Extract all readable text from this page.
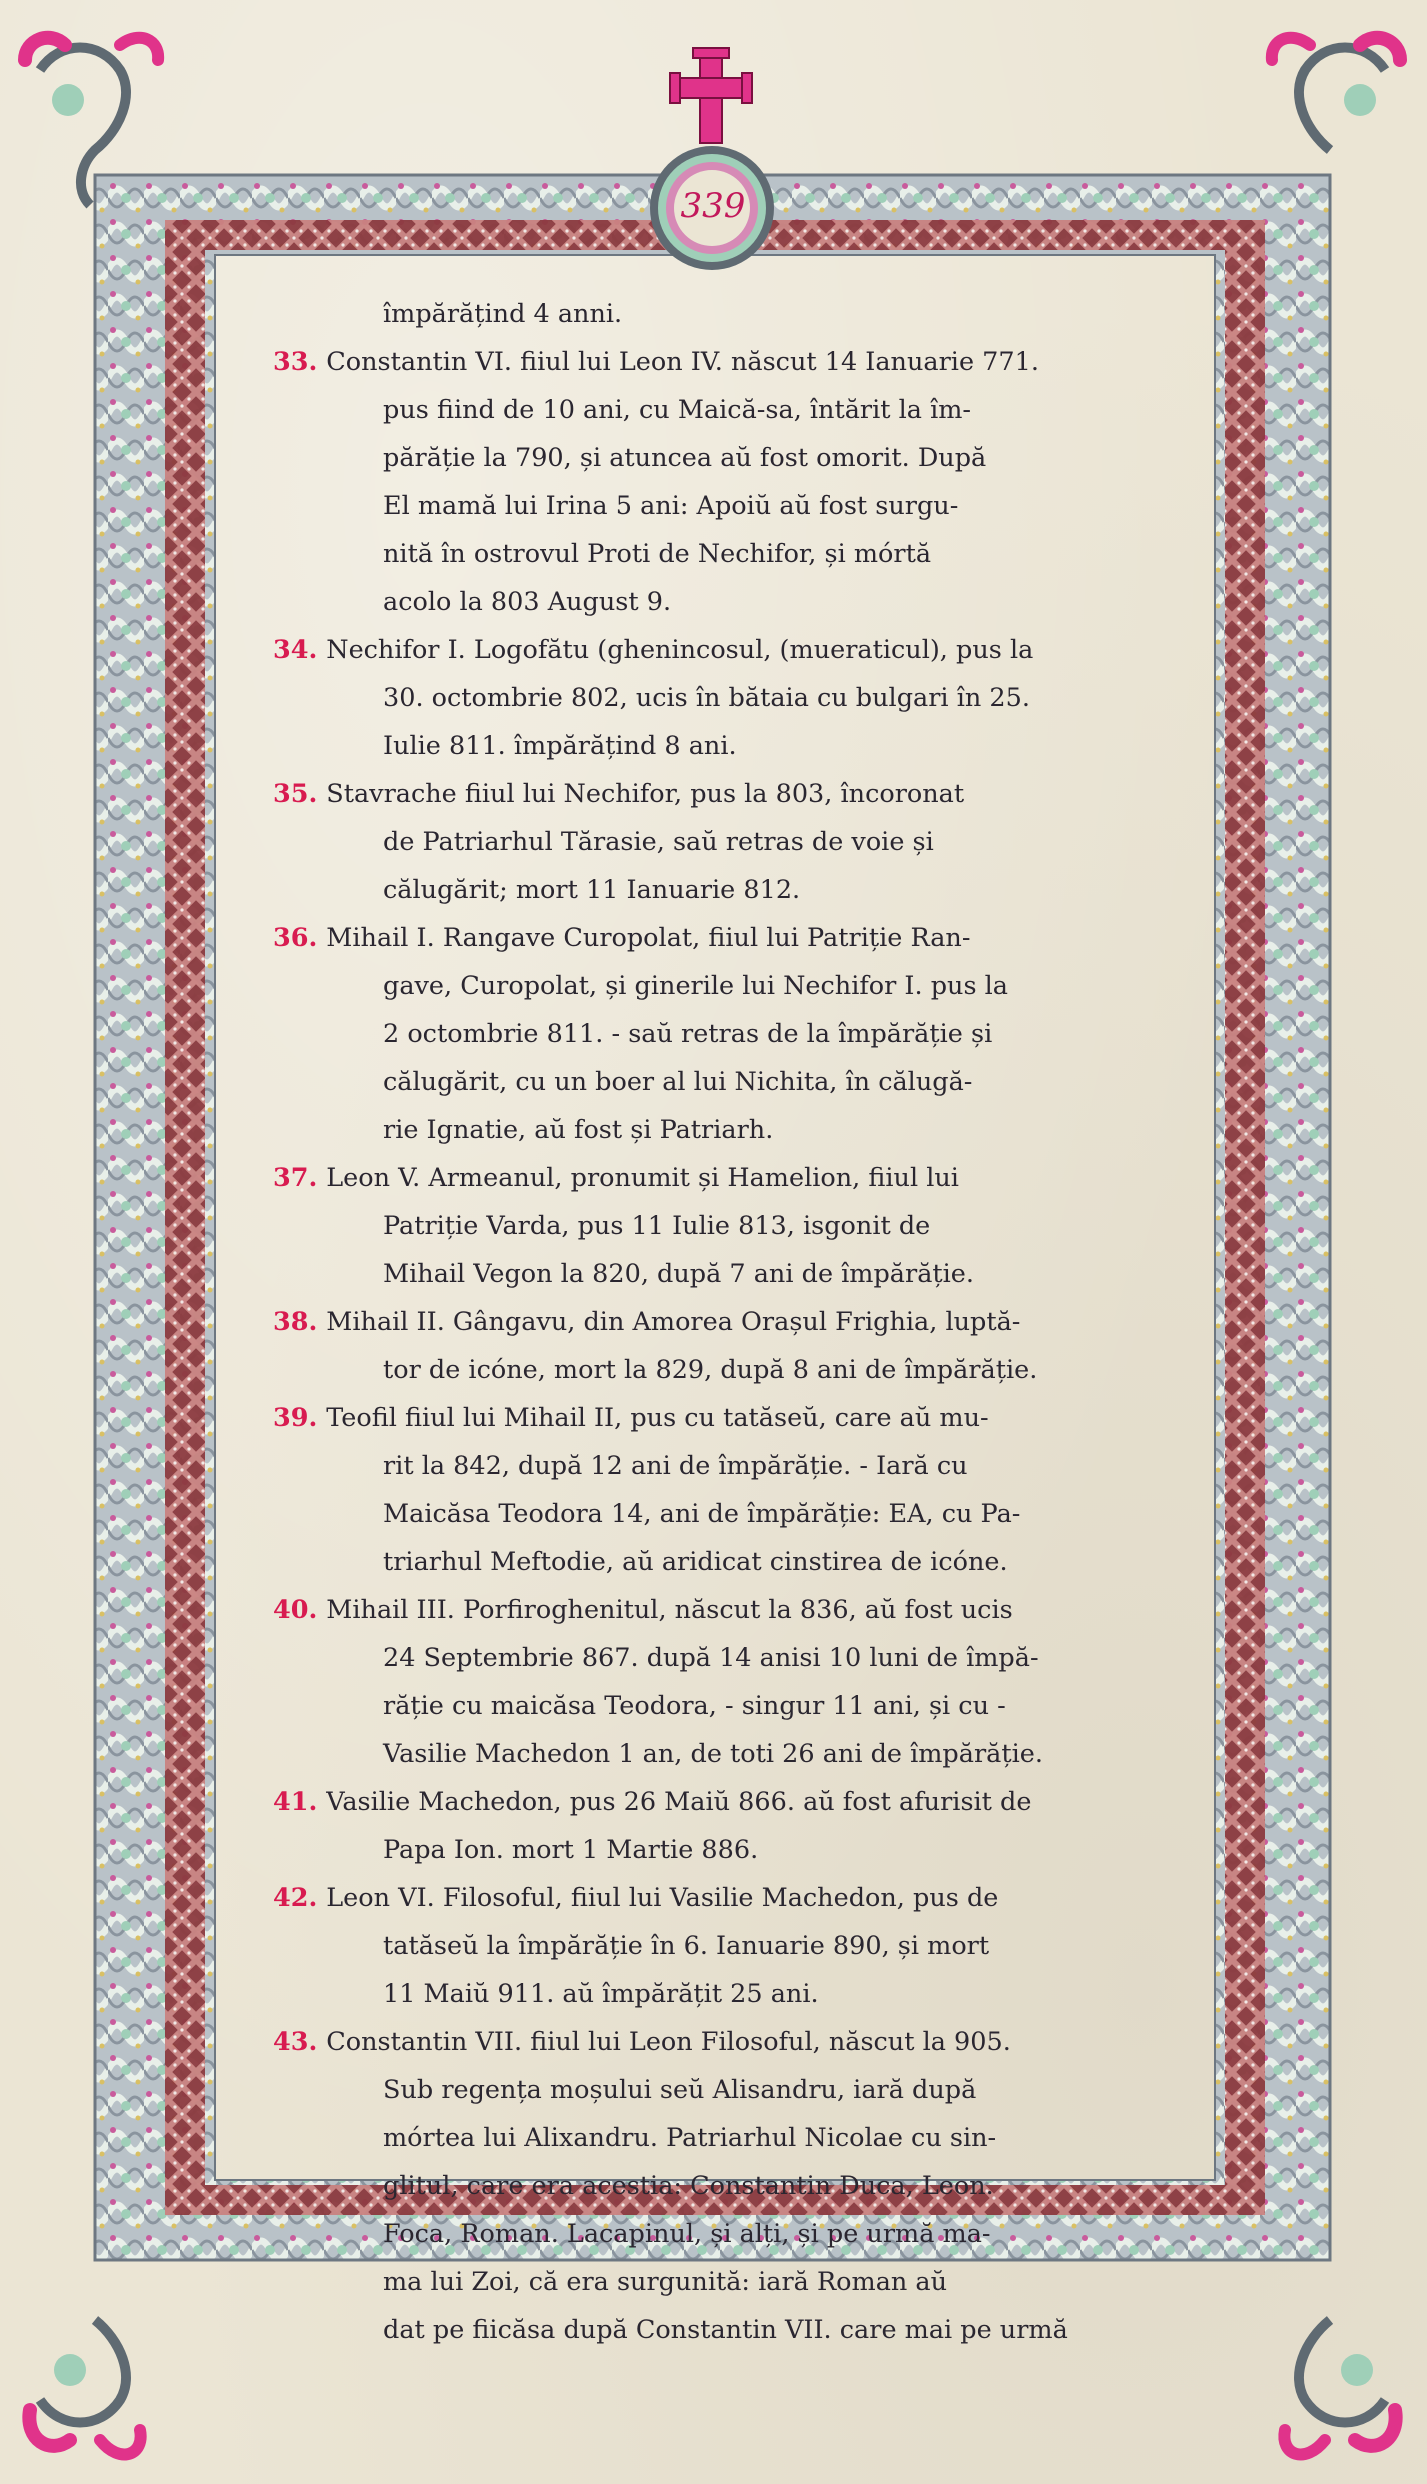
339
împărățind 4 anni.
33. Constantin VI. fiiul lui Leon IV. născut 14 Ianuarie 771.
pus fiind de 10 ani, cu Maică-sa, întărit la îm-
părăție la 790, și atuncea aŭ fost omorit. După
El mamă lui Irina 5 ani: Apoiŭ aŭ fost surgu-
nită în ostrovul Proti de Nechifor, și mórtă
acolo la 803 August 9.
34. Nechifor I. Logofătu (ghenincosul, (mueraticul), pus la
30. octombrie 802, ucis în bătaia cu bulgari în 25.
Iulie 811. împărățind 8 ani.
35. Stavrache fiiul lui Nechifor, pus la 803, încoronat
de Patriarhul Tărasie, saŭ retras de voie și
călugărit; mort 11 Ianuarie 812.
36. Mihail I. Rangave Curopolat, fiiul lui Patriție Ran-
gave, Curopolat, și ginerile lui Nechifor I. pus la
2 octombrie 811. - saŭ retras de la împărăție și
călugărit, cu un boer al lui Nichita, în călugă-
rie Ignatie, aŭ fost și Patriarh.
37. Leon V. Armeanul, pronumit și Hamelion, fiiul lui
Patriție Varda, pus 11 Iulie 813, isgonit de
Mihail Vegon la 820, după 7 ani de împărăție.
38. Mihail II. Gângavu, din Amorea Orașul Frighia, luptă-
tor de icóne, mort la 829, după 8 ani de împărăție.
39. Teofil fiiul lui Mihail II, pus cu tatăseŭ, care aŭ mu-
rit la 842, după 12 ani de împărăție. - Iară cu
Maicăsa Teodora 14, ani de împărăție: EA, cu Pa-
triarhul Meftodie, aŭ aridicat cinstirea de icóne.
40. Mihail III. Porfiroghenitul, născut la 836, aŭ fost ucis
24 Septembrie 867. după 14 anisi 10 luni de împă-
răție cu maicăsa Teodora, - singur 11 ani, și cu -
Vasilie Machedon 1 an, de toti 26 ani de împărăție.
41. Vasilie Machedon, pus 26 Maiŭ 866. aŭ fost afurisit de
Papa Ion. mort 1 Martie 886.
42. Leon VI. Filosoful, fiiul lui Vasilie Machedon, pus de
tatăseŭ la împărăție în 6. Ianuarie 890, și mort
11 Maiŭ 911. aŭ împărățit 25 ani.
43. Constantin VII. fiiul lui Leon Filosoful, născut la 905.
Sub regența moșului seŭ Alisandru, iară după
mórtea lui Alixandru. Patriarhul Nicolae cu sin-
glitul, care era acestia: Constantin Duca, Leon.
Foca, Roman. Lacapinul, și alți, și pe urmă ma-
ma lui Zoi, că era surgunită: iară Roman aŭ
dat pe fiicăsa după Constantin VII. care mai pe urmă
